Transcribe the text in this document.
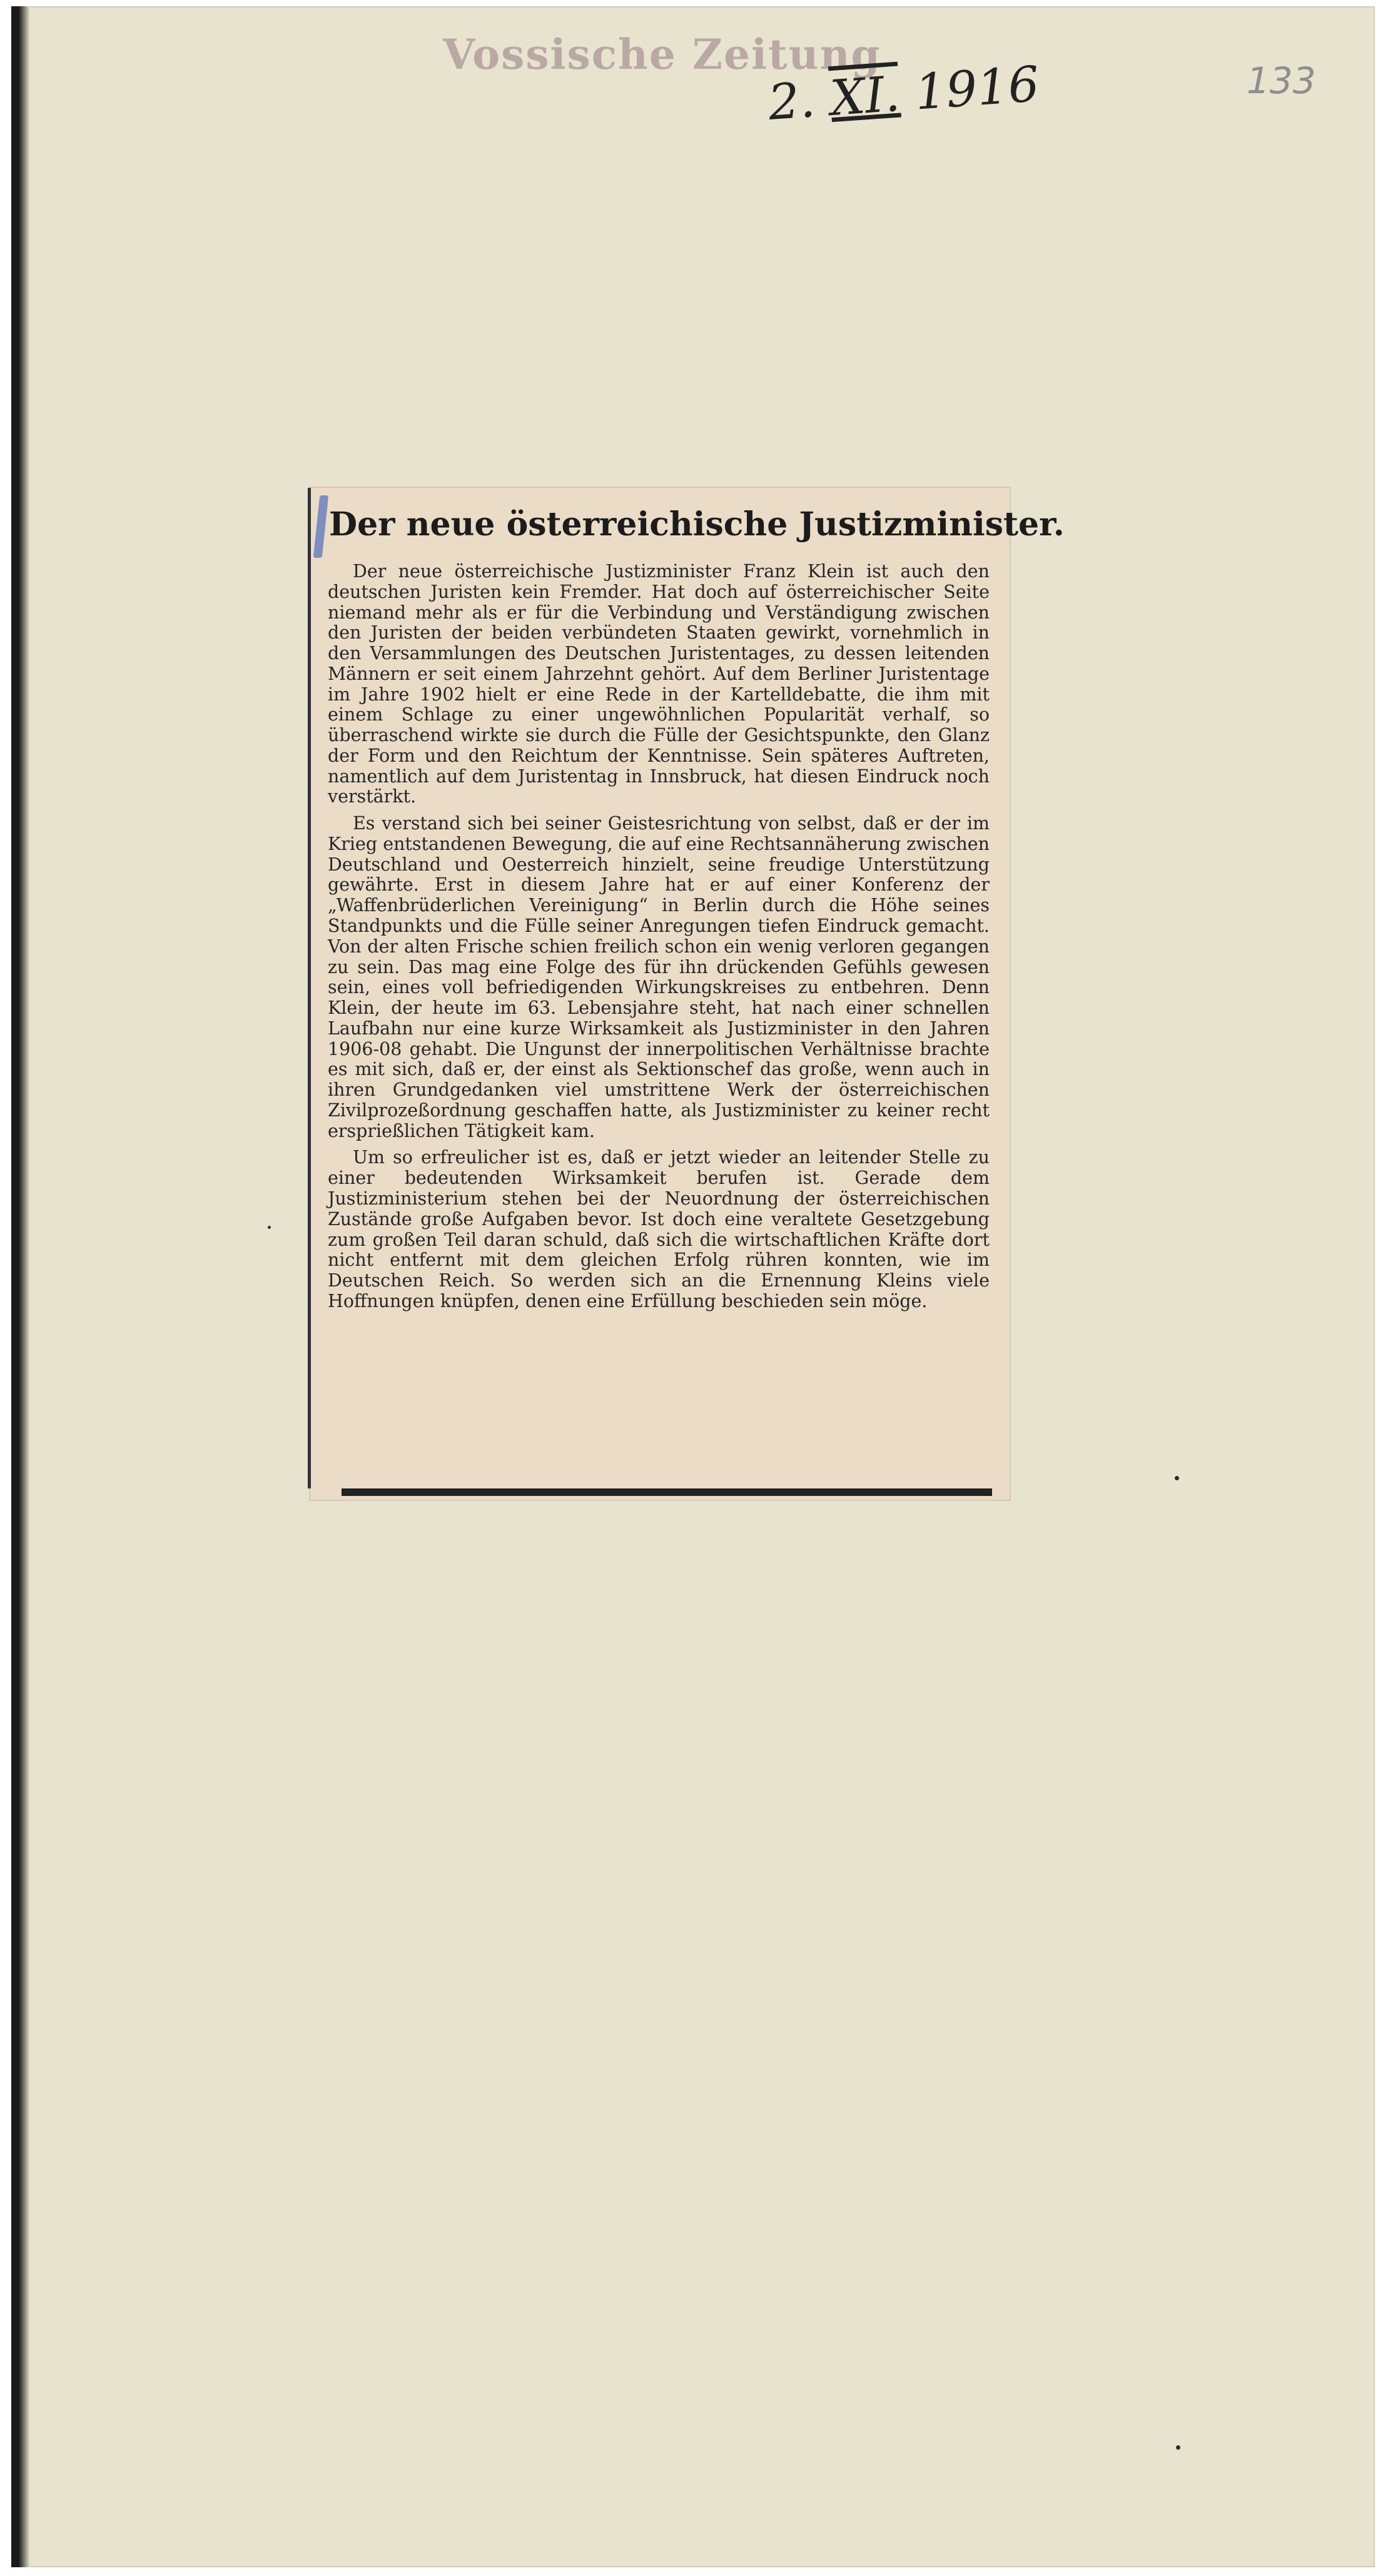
Vossische Zeitung
2. XI. 1916	133
Der neue österreichische Justizminister.

Der neue österreichische Justizminister Franz Klein ist auch den deutschen Juristen kein Fremder. Hat doch auf österreichischer Seite niemand mehr als er für die Verbindung und Verständigung zwischen den Juristen der beiden verbündeten Staaten gewirkt, vornehmlich in den Versammlungen des Deutschen Juristentages, zu dessen leitenden Männern er seit einem Jahrzehnt gehört. Auf dem Berliner Juristentage im Jahre 1902 hielt er eine Rede in der Kartelldebatte, die ihm mit einem Schlage zu einer ungewöhnlichen Popularität verhalf, so überraschend wirkte sie durch die Fülle der Gesichtspunkte, den Glanz der Form und den Reichtum der Kenntnisse. Sein späteres Auftreten, namentlich auf dem Juristentag in Innsbruck, hat diesen Eindruck noch verstärkt.

Es verstand sich bei seiner Geistesrichtung von selbst, daß er der im Krieg entstandenen Bewegung, die auf eine Rechtsannäherung zwischen Deutschland und Oesterreich hinzielt, seine freudige Unterstützung gewährte. Erst in diesem Jahre hat er auf einer Konferenz der „Waffenbrüderlichen Vereinigung“ in Berlin durch die Höhe seines Standpunkts und die Fülle seiner Anregungen tiefen Eindruck gemacht. Von der alten Frische schien freilich schon ein wenig verloren gegangen zu sein. Das mag eine Folge des für ihn drückenden Gefühls gewesen sein, eines voll befriedigenden Wirkungskreises zu entbehren. Denn Klein, der heute im 63. Lebensjahre steht, hat nach einer schnellen Laufbahn nur eine kurze Wirksamkeit als Justizminister in den Jahren 1906-08 gehabt. Die Ungunst der innerpolitischen Verhältnisse brachte es mit sich, daß er, der einst als Sektionschef das große, wenn auch in ihren Grundgedanken viel umstrittene Werk der österreichischen Zivilprozeßordnung geschaffen hatte, als Justizminister zu keiner recht ersprießlichen Tätigkeit kam.

Um so erfreulicher ist es, daß er jetzt wieder an leitender Stelle zu einer bedeutenden Wirksamkeit berufen ist. Gerade dem Justizministerium stehen bei der Neuordnung der österreichischen Zustände große Aufgaben bevor. Ist doch eine veraltete Gesetzgebung zum großen Teil daran schuld, daß sich die wirtschaftlichen Kräfte dort nicht entfernt mit dem gleichen Erfolg rühren konnten, wie im Deutschen Reich. So werden sich an die Ernennung Kleins viele Hoffnungen knüpfen, denen eine Erfüllung beschieden sein möge.
